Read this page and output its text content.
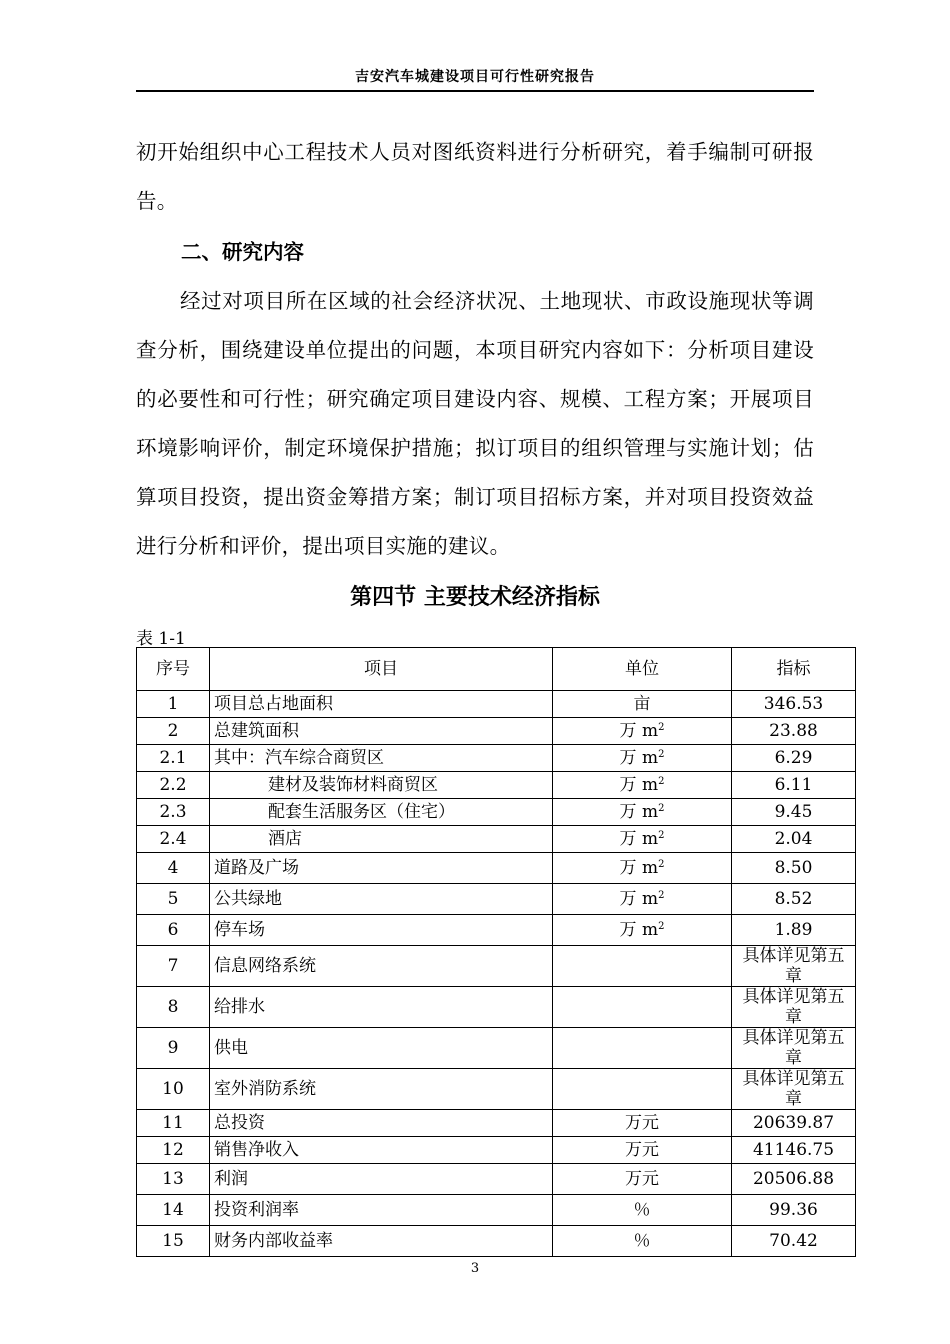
吉安汽车城建设项目可行性研究报告
初开始组织中心工程技术人员对图纸资料进行分析研究，着手编制可研报告。
二、研究内容
经过对项目所在区域的社会经济状况、土地现状、市政设施现状等调查分析，围绕建设单位提出的问题，本项目研究内容如下：分析项目建设的必要性和可行性；研究确定项目建设内容、规模、工程方案；开展项目环境影响评价，制定环境保护措施；拟订项目的组织管理与实施计划；估算项目投资，提出资金筹措方案；制订项目招标方案，并对项目投资效益进行分析和评价，提出项目实施的建议。
第四节 主要技术经济指标
表 1-1
序号	项目	单位	指标
1	项目总占地面积	亩	346.53
2	总建筑面积	万 $m^2$	23.88
2.1	其中：汽车综合商贸区	万 $m^2$	6.29
2.2	建材及装饰材料商贸区	万 $m^2$	6.11
2.3	配套生活服务区（住宅）	万 $m^2$	9.45
2.4	酒店	万 $m^2$	2.04
4	道路及广场	万 $m^2$	8.50
5	公共绿地	万 $m^2$	8.52
6	停车场	万 $m^2$	1.89
7	信息网络系统		具体详见第五章
8	给排水		具体详见第五章
9	供电		具体详见第五章
10	室外消防系统		具体详见第五章
11	总投资	万元	20639.87
12	销售净收入	万元	41146.75
13	利润	万元	20506.88
14	投资利润率	％	99.36
15	财务内部收益率	％	70.42
3
